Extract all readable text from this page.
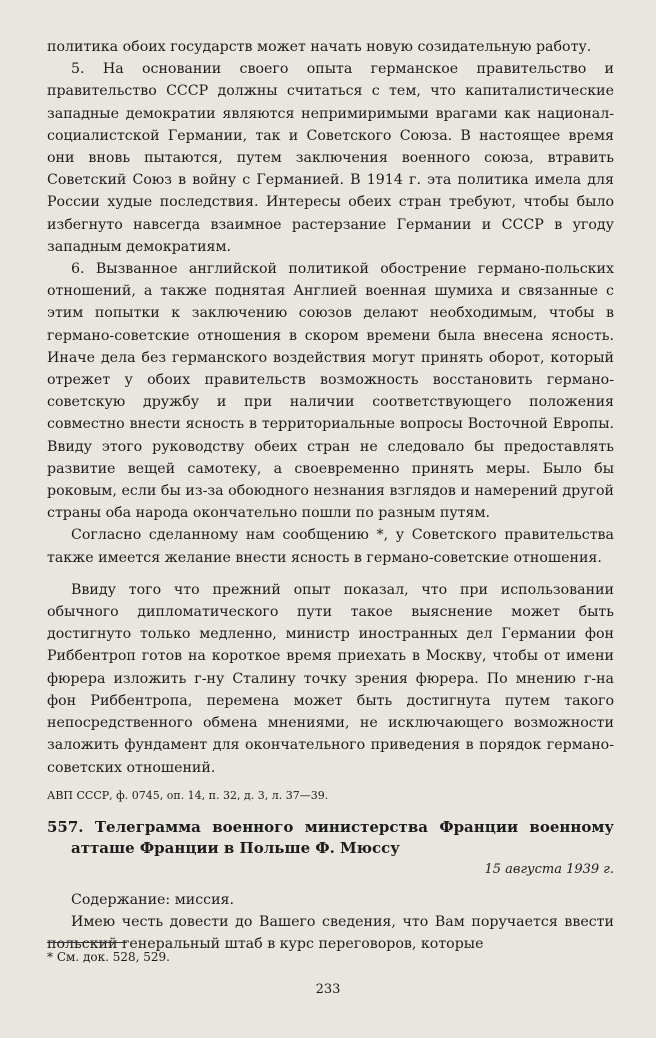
политика обоих государств может начать новую созидательную работу.

5. На основании своего опыта германское правительство и правительство СССР должны считаться с тем, что капиталистические западные демократии являются непримиримыми врагами как национал-социалистской Германии, так и Советского Союза. В настоящее время они вновь пытаются, путем заключения военного союза, втравить Советский Союз в войну с Германией. В 1914 г. эта политика имела для России худые последствия. Интересы обеих стран требуют, чтобы было избегнуто навсегда взаимное растерзание Германии и СССР в угоду западным демократиям.

6. Вызванное английской политикой обострение германо-польских отношений, а также поднятая Англией военная шумиха и связанные с этим попытки к заключению союзов делают необходимым, чтобы в германо-советские отношения в скором времени была внесена ясность. Иначе дела без германского воздействия могут принять оборот, который отрежет у обоих правительств возможность восстановить германо-советскую дружбу и при наличии соответствующего положения совместно внести ясность в территориальные вопросы Восточной Европы. Ввиду этого руководству обеих стран не следовало бы предоставлять развитие вещей самотеку, а своевременно принять меры. Было бы роковым, если бы из-за обоюдного незнания взглядов и намерений другой страны оба народа окончательно пошли по разным путям.

Согласно сделанному нам сообщению *, у Советского правительства также имеется желание внести ясность в германо-советские отношения.

Ввиду того что прежний опыт показал, что при использовании обычного дипломатического пути такое выяснение может быть достигнуто только медленно, министр иностранных дел Германии фон Риббентроп готов на короткое время приехать в Москву, чтобы от имени фюрера изложить г-ну Сталину точку зрения фюрера. По мнению г-на фон Риббентропа, перемена может быть достигнута путем такого непосредственного обмена мнениями, не исключающего возможности заложить фундамент для окончательного приведения в порядок германо-советских отношений.

АВП СССР, ф. 0745, оп. 14, п. 32, д. 3, л. 37—39.

557. Телеграмма военного министерства Франции военному атташе Франции в Польше Ф. Мюссу

15 августа 1939 г.

Содержание: миссия.

Имею честь довести до Вашего сведения, что Вам поручается ввести польский генеральный штаб в курс переговоров, которые

* См. док. 528, 529.
233
